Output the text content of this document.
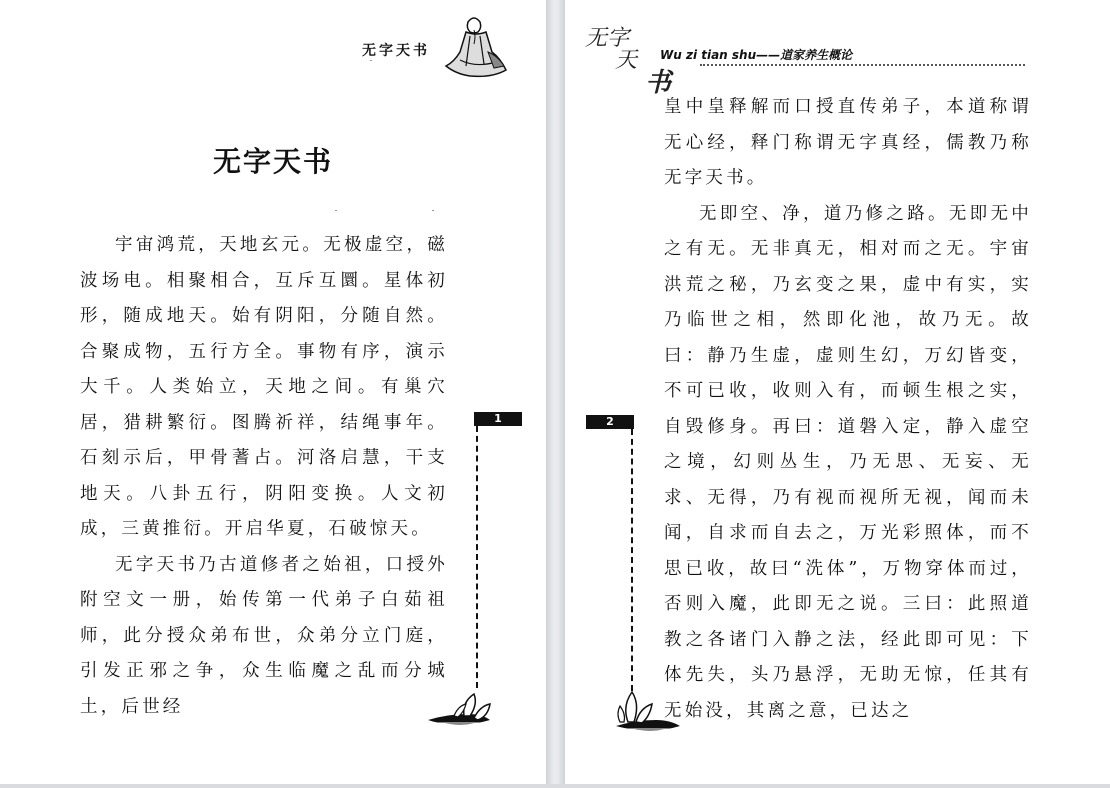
无字天书
无字天书

宇宙鸿荒，天地玄元。无极虚空，磁波场电。相聚相合，互斥互圜。星体初形，随成地天。始有阴阳，分随自然。合聚成物，五行方全。事物有序，演示大千。人类始立，天地之间。有巢穴居，猎耕繁衍。图腾祈祥，结绳事年。石刻示后，甲骨蓍占。河洛启慧，干支地天。八卦五行，阴阳变换。人文初成，三黄推衍。开启华夏，石破惊天。

无字天书乃古道修者之始祖，口授外附空文一册，始传第一代弟子白茹祖师，此分授众弟布世，众弟分立门庭，引发正邪之争，众生临魔之乱而分城土，后世经

1
无字
天
书
Wu zi tian shu——道家养生概论

皇中皇释解而口授直传弟子，本道称谓无心经，释门称谓无字真经，儒教乃称无字天书。

无即空、净，道乃修之路。无即无中之有无。无非真无，相对而之无。宇宙洪荒之秘，乃玄变之果，虚中有实，实乃临世之相，然即化池，故乃无。故曰：静乃生虚，虚则生幻，万幻皆变，不可已收，收则入有，而顿生根之实，自毁修身。再曰：道磐入定，静入虚空之境，幻则丛生，乃无思、无妄、无求、无得，乃有视而视所无视，闻而未闻，自求而自去之，万光彩照体，而不思已收，故曰“洗体”，万物穿体而过，否则入魔，此即无之说。三曰：此照道教之各诸门入静之法，经此即可见：下体先失，头乃悬浮，无助无惊，任其有无始没，其离之意，已达之

2
